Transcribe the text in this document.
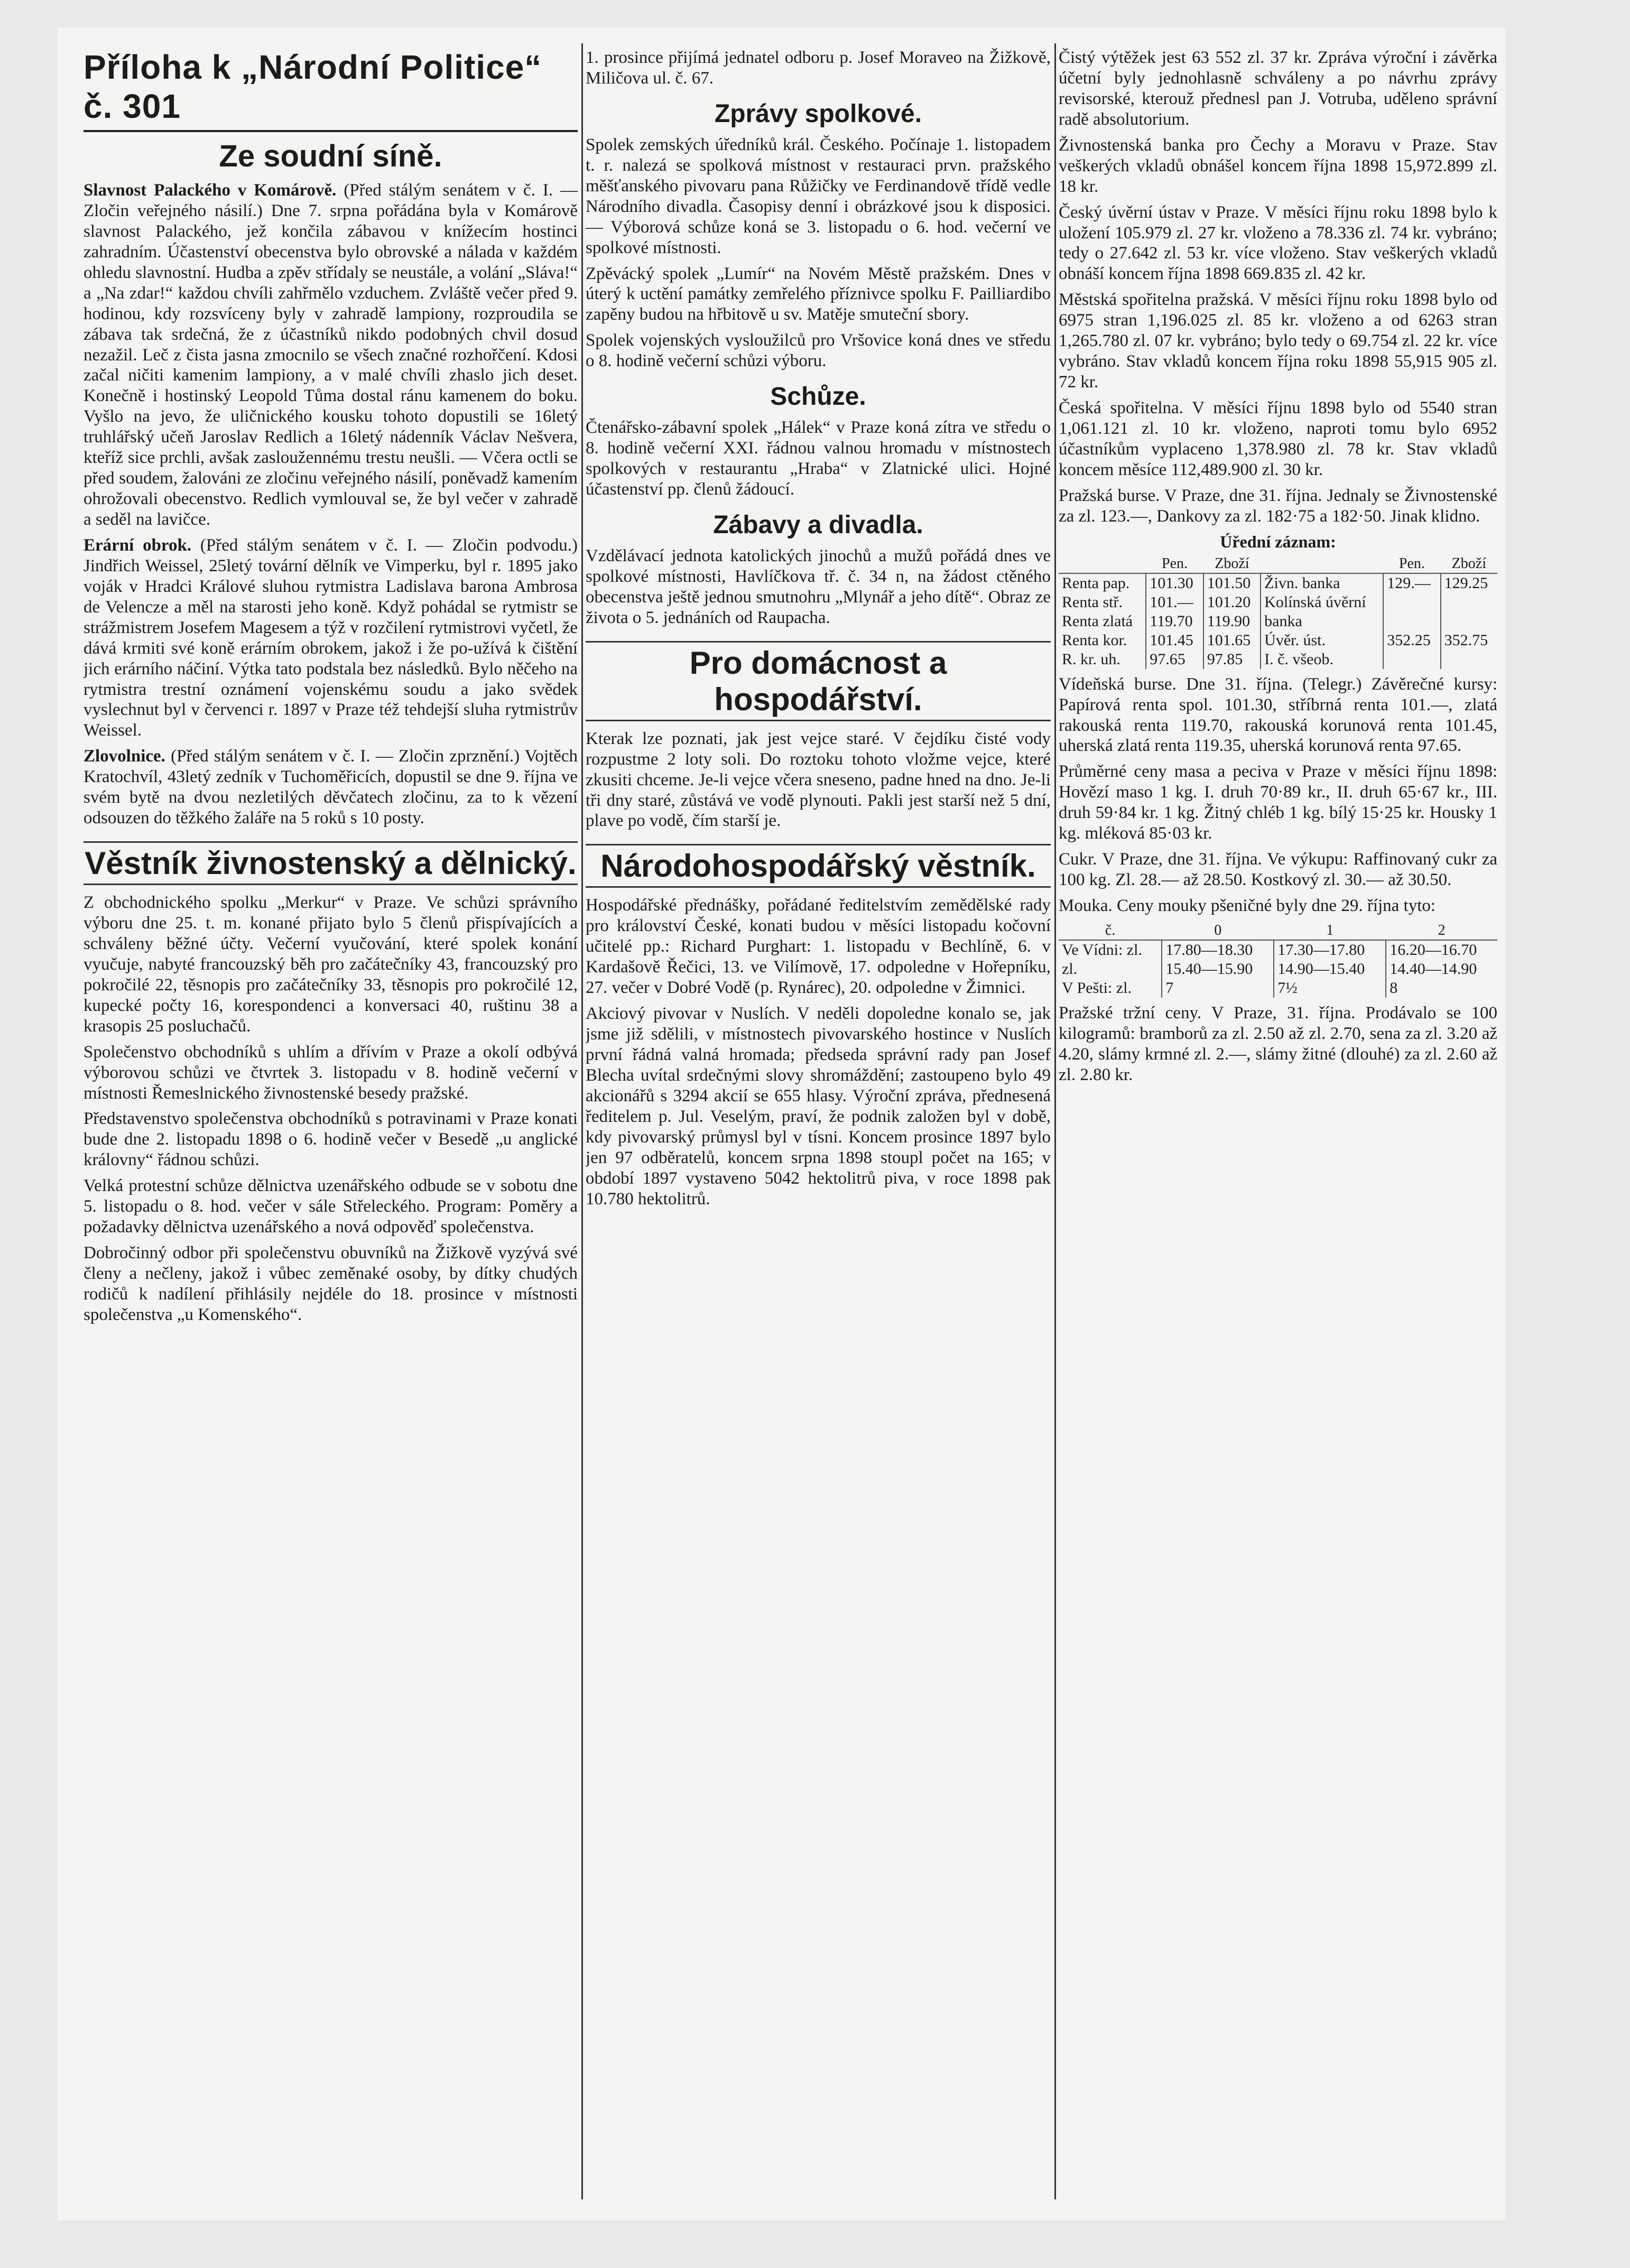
Příloha k „Národní Politice“ č. 301
Ze soudní síně.

Slavnost Palackého v Komárově. (Před stálým senátem v č. I. — Zločin veřejného násilí.) Dne 7. srpna pořádána byla v Komárově slavnost Palackého, jež končila zábavou v knížecím hostinci zahradním. Účastenství obecenstva bylo obrovské a nálada v každém ohledu slavnostní. Hudba a zpěv střídaly se neustále, a volání „Sláva!“ a „Na zdar!“ každou chvíli zahřmělo vzduchem. Zvláště večer před 9. hodinou, kdy rozsvíceny byly v zahradě lampiony, rozproudila se zábava tak srdečná, že z účastníků nikdo podobných chvil dosud nezažil. Leč z čista jasna zmocnilo se všech značné rozhořčení. Kdosi začal ničiti kamenim lampiony, a v malé chvíli zhaslo jich deset. Konečně i hostinský Leopold Tůma dostal ránu kamenem do boku. Vyšlo na jevo, že uličnického kousku tohoto dopustili se 16letý truhlářský učeň Jaroslav Redlich a 16letý nádenník Václav Nešvera, kteříž sice prchli, avšak zasloužennému trestu neušli. — Včera octli se před soudem, žalováni ze zločinu veřejného násilí, poněvadž kamením ohrožovali obecenstvo. Redlich vymlouval se, že byl večer v zahradě a seděl na lavičce.

Erární obrok. (Před stálým senátem v č. I. — Zločin podvodu.) Jindřich Weissel, 25letý tovární dělník ve Vimperku, byl r. 1895 jako voják v Hradci Králové sluhou rytmistra Ladislava barona Ambrosa de Velencze a měl na starosti jeho koně. Když pohádal se rytmistr se strážmistrem Josefem Magesem a týž v rozčilení rytmistrovi vyčetl, že dává krmiti své koně erárním obrokem, jakož i že po-užívá k čištění jich erárního náčiní. Výtka tato podstala bez následků. Bylo něčeho na rytmistra trestní oznámení vojenskému soudu a jako svědek vyslechnut byl v červenci r. 1897 v Praze též tehdejší sluha rytmistrův Weissel.

Zlovolnice. (Před stálým senátem v č. I. — Zločin zprznění.) Vojtěch Kratochvíl, 43letý zedník v Tuchoměřicích, dopustil se dne 9. října ve svém bytě na dvou nezletilých děvčatech zločinu, za to k vězení odsouzen do těžkého žaláře na 5 roků s 10 posty.

Věstník živnostenský a dělnický.

Z obchodnického spolku „Merkur“ v Praze. Ve schůzi správního výboru dne 25. t. m. konané přijato bylo 5 členů přispívajících a schváleny běžné účty. Večerní vyučování, které spolek konání vyučuje, nabyté francouzský běh pro začátečníky 43, francouzský pro pokročilé 22, těsnopis pro začátečníky 33, těsnopis pro pokročilé 12, kupecké počty 16, korespondenci a konversaci 40, ruštinu 38 a krasopis 25 posluchačů.

Společenstvo obchodníků s uhlím a dřívím v Praze a okolí odbývá výborovou schůzi ve čtvrtek 3. listopadu v 8. hodině večerní v místnosti Řemeslnického živnostenské besedy pražské.

Představenstvo společenstva obchodníků s potravinami v Praze konati bude dne 2. listopadu 1898 o 6. hodině večer v Besedě „u anglické královny“ řádnou schůzi.

Velká protestní schůze dělnictva uzenářského odbude se v sobotu dne 5. listopadu o 8. hod. večer v sále Střeleckého. Program: Poměry a požadavky dělnictva uzenářského a nová odpověď společenstva.

Dobročinný odbor při společenstvu obuvníků na Žižkově vyzývá své členy a nečleny, jakož i vůbec zeměnaké osoby, by dítky chudých rodičů k nadílení přihlásily nejdéle do 18. prosince v místnosti společenstva „u Komenského“.

1. prosince přijímá jednatel odboru p. Josef Moraveo na Žižkově, Miličova ul. č. 67.

Zprávy spolkové.

Spolek zemských úředníků král. Českého. Počínaje 1. listopadem t. r. nalezá se spolková místnost v restauraci prvn. pražského měšťanského pivovaru pana Růžičky ve Ferdinandově třídě vedle Národního divadla. Časopisy denní i obrázkové jsou k disposici. — Výborová schůze koná se 3. listopadu o 6. hod. večerní ve spolkové místnosti.

Zpěvácký spolek „Lumír“ na Novém Městě pražském. Dnes v úterý k uctění památky zemřelého příznivce spolku F. Pailliardibo zapěny budou na hřbitově u sv. Matěje smuteční sbory.

Spolek vojenských vysloužilců pro Vršovice koná dnes ve středu o 8. hodině večerní schůzi výboru.

Schůze.

Čtenářsko-zábavní spolek „Hálek“ v Praze koná zítra ve středu o 8. hodině večerní XXI. řádnou valnou hromadu v místnostech spolkových v restaurantu „Hraba“ v Zlatnické ulici. Hojné účastenství pp. členů žádoucí.

Zábavy a divadla.

Vzdělávací jednota katolických jinochů a mužů pořádá dnes ve spolkové místnosti, Havlíčkova tř. č. 34 n, na žádost ctěného obecenstva ještě jednou smutnohru „Mlynář a jeho dítě“. Obraz ze života o 5. jednáních od Raupacha.

Pro domácnost a hospodářství.

Kterak lze poznati, jak jest vejce staré. V čejdíku čisté vody rozpustme 2 loty soli. Do roztoku tohoto vložme vejce, které zkusiti chceme. Je-li vejce včera sneseno, padne hned na dno. Je-li tři dny staré, zůstává ve vodě plynouti. Pakli jest starší než 5 dní, plave po vodě, čím starší je.

Národohospodářský věstník.

Hospodářské přednášky, pořádané ředitelstvím zemědělské rady pro království České, konati budou v měsíci listopadu kočovní učitelé pp.: Richard Purghart: 1. listopadu v Bechlíně, 6. v Kardašově Řečici, 13. ve Vilímově, 17. odpoledne v Hořepníku, 27. večer v Dobré Vodě (p. Rynárec), 20. odpoledne v Žimnici.

Akciový pivovar v Nuslích. V neděli dopoledne konalo se, jak jsme již sdělili, v místnostech pivovarského hostince v Nuslích první řádná valná hromada; předseda správní rady pan Josef Blecha uvítal srdečnými slovy shromáždění; zastoupeno bylo 49 akcionářů s 3294 akcií se 655 hlasy. Výroční zpráva, přednesená ředitelem p. Jul. Veselým, praví, že podnik založen byl v době, kdy pivovarský průmysl byl v tísni. Koncem prosince 1897 bylo jen 97 odběratelů, koncem srpna 1898 stoupl počet na 165; v období 1897 vystaveno 5042 hektolitrů piva, v roce 1898 pak 10.780 hektolitrů.

Čistý výtěžek jest 63 552 zl. 37 kr. Zpráva výroční i závěrka účetní byly jednohlasně schváleny a po návrhu zprávy revisorské, kterouž přednesl pan J. Votruba, uděleno správní radě absolutorium.

Živnostenská banka pro Čechy a Moravu v Praze. Stav veškerých vkladů obnášel koncem října 1898 15,972.899 zl. 18 kr.

Český úvěrní ústav v Praze. V měsíci říjnu roku 1898 bylo k uložení 105.979 zl. 27 kr. vloženo a 78.336 zl. 74 kr. vybráno; tedy o 27.642 zl. 53 kr. více vloženo. Stav veškerých vkladů obnáší koncem října 1898 669.835 zl. 42 kr.

Městská spořitelna pražská. V měsíci říjnu roku 1898 bylo od 6975 stran 1,196.025 zl. 85 kr. vloženo a od 6263 stran 1,265.780 zl. 07 kr. vybráno; bylo tedy o 69.754 zl. 22 kr. více vybráno. Stav vkladů koncem října roku 1898 55,915 905 zl. 72 kr.

Česká spořitelna. V měsíci říjnu 1898 bylo od 5540 stran 1,061.121 zl. 10 kr. vloženo, naproti tomu bylo 6952 účastníkům vyplaceno 1,378.980 zl. 78 kr. Stav vkladů koncem měsíce 112,489.900 zl. 30 kr.

Pražská burse. V Praze, dne 31. října. Jednaly se Živnostenské za zl. 123.—, Dankovy za zl. 182·75 a 182·50. Jinak klidno.

Úřední záznam:
	Pen.	Zboží		Pen.	Zboží
Renta pap.	101.30	101.50	Živn. banka	129.—	129.25
Renta stř.	101.—	101.20	Kolínská úvěrní		
Renta zlatá	119.70	119.90	banka		
Renta kor.	101.45	101.65	Úvěr. úst.	352.25	352.75
R. kr. uh.	97.65	97.85	I. č. všeob.		

Vídeňská burse. Dne 31. října. (Telegr.) Závěrečné kursy: Papírová renta spol. 101.30, stříbrná renta 101.—, zlatá rakouská renta 119.70, rakouská korunová renta 101.45, uherská zlatá renta 119.35, uherská korunová renta 97.65.

Průměrné ceny masa a peciva v Praze v měsíci říjnu 1898: Hovězí maso 1 kg. I. druh 70·89 kr., II. druh 65·67 kr., III. druh 59·84 kr. 1 kg. Žitný chléb 1 kg. bílý 15·25 kr. Housky 1 kg. mléková 85·03 kr.

Cukr. V Praze, dne 31. října. Ve výkupu: Raffinovaný cukr za 100 kg. Zl. 28.— až 28.50. Kostkový zl. 30.— až 30.50.

Mouka. Ceny mouky pšeničné byly dne 29. října tyto:

č.	0	1	2
Ve Vídni: zl.	17.80—18.30	17.30—17.80	16.20—16.70
zl.	15.40—15.90	14.90—15.40	14.40—14.90
V Pešti: zl.	7	7½	8

Pražské tržní ceny. V Praze, 31. října. Prodávalo se 100 kilogramů: bramborů za zl. 2.50 až zl. 2.70, sena za zl. 3.20 až 4.20, slámy krmné zl. 2.—, slámy žitné (dlouhé) za zl. 2.60 až zl. 2.80 kr.
